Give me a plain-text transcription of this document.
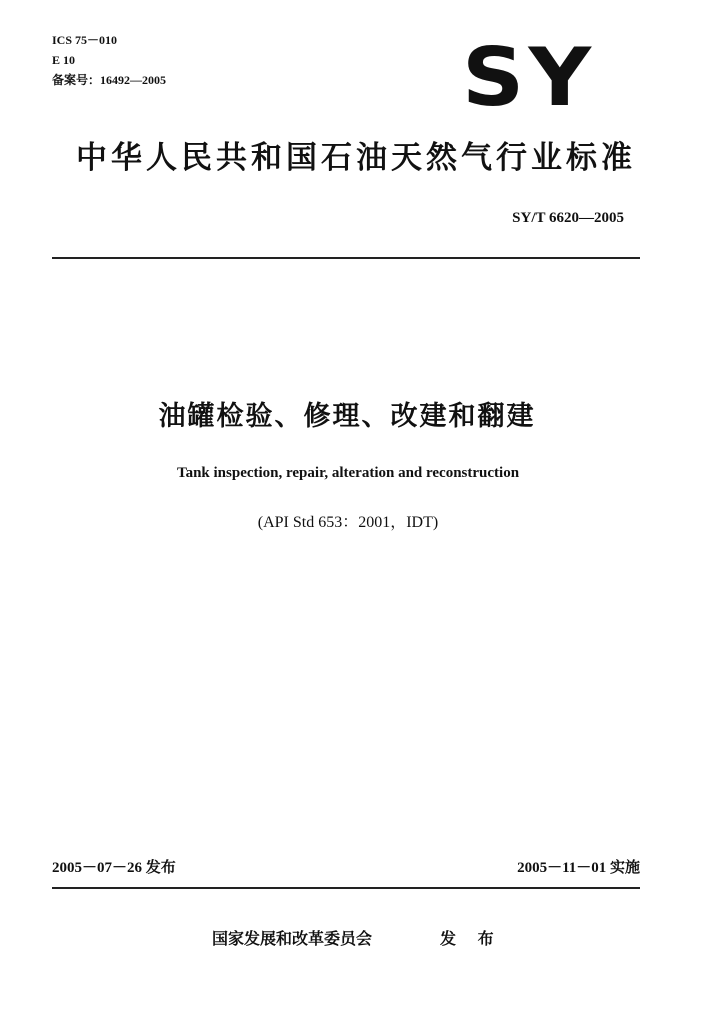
ICS 75－010
E 10
备案号：16492—2005	SY
中华人民共和国石油天然气行业标准
SY/T 6620—2005
油罐检验、修理、改建和翻建
Tank inspection, repair, alteration and reconstruction
(API Std 653：2001，IDT)
2005－07－26 发布	2005－11－01 实施
国家发展和改革委员会	发 布
